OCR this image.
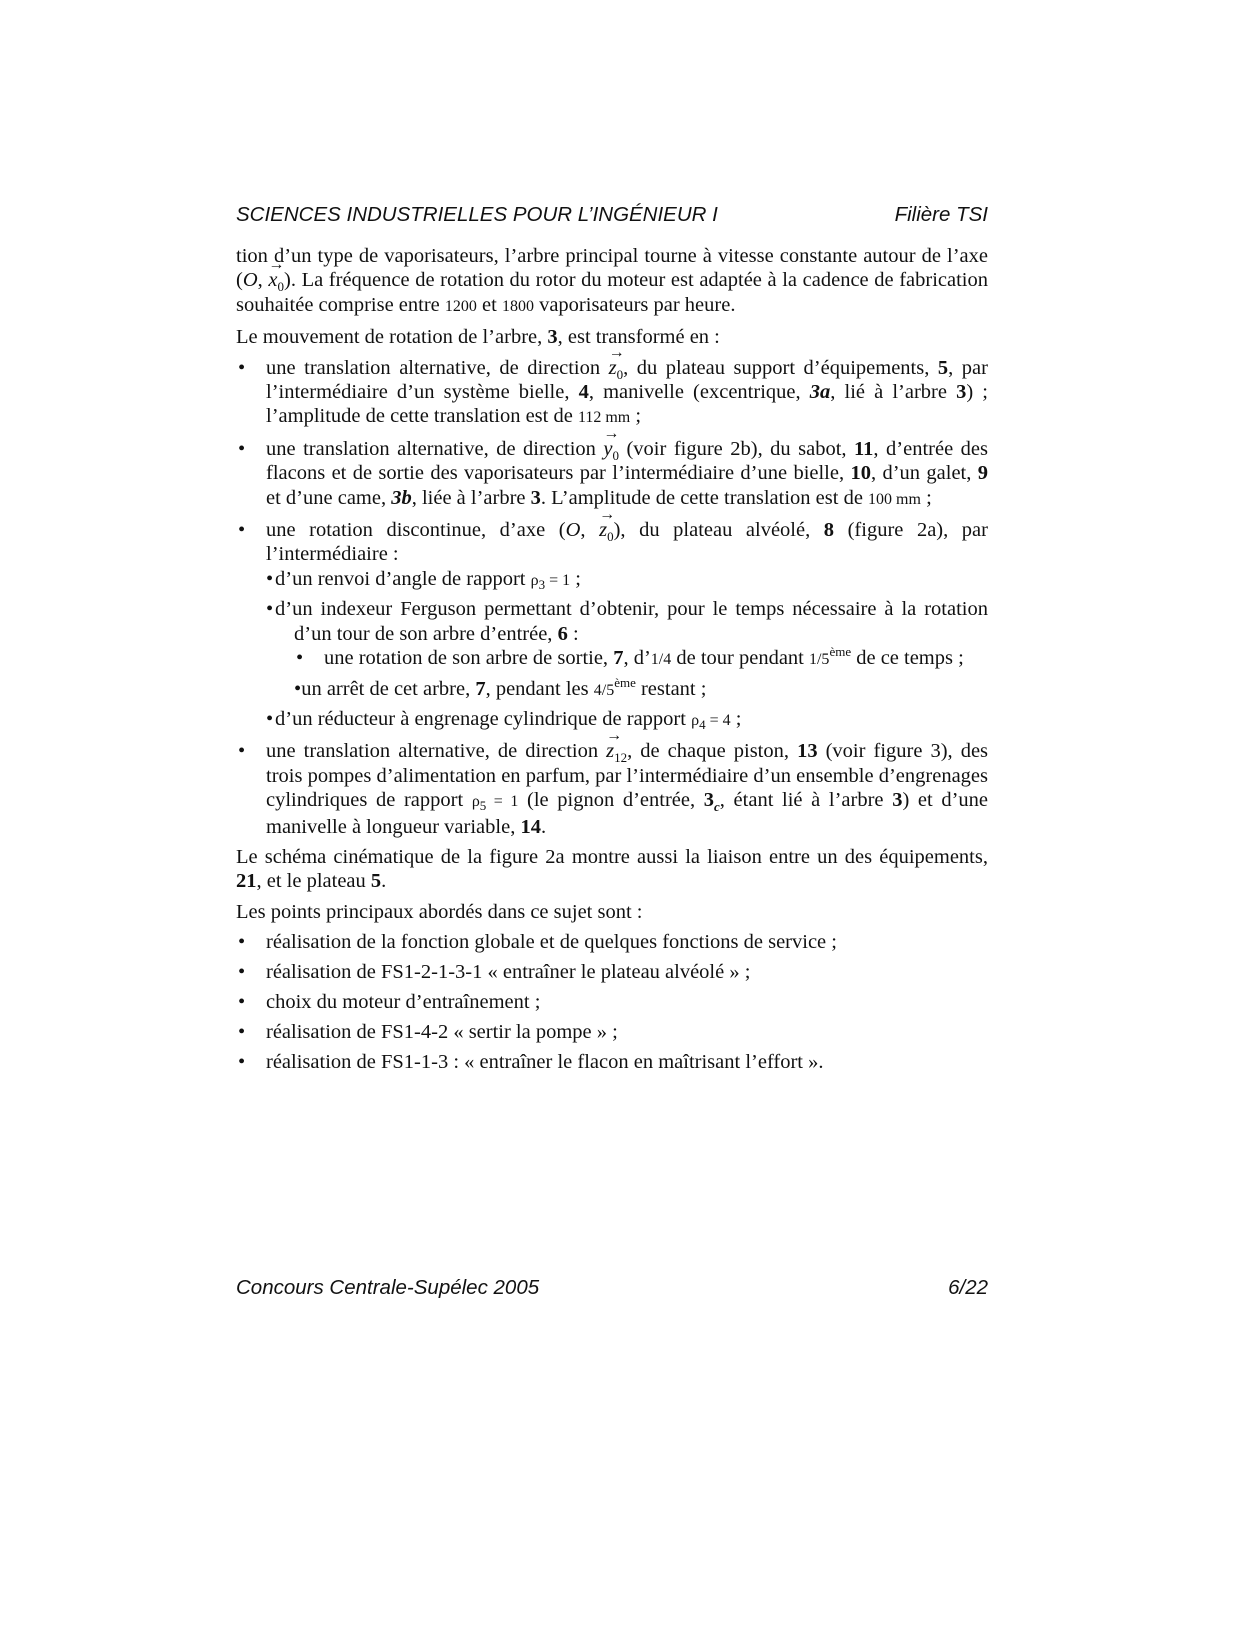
SCIENCES INDUSTRIELLES POUR L’INGÉNIEUR I	Filière TSI

tion d’un type de vaporisateurs, l’arbre principal tourne à vitesse constante autour de l’axe (O, → $x_0$). La fréquence de rotation du rotor du moteur est adaptée à la cadence de fabrication souhaitée comprise entre 1200 et 1800 vaporisateurs par heure.

Le mouvement de rotation de l’arbre, 3, est transformé en :

• une translation alternative, de direction → $z_0$, du plateau support d’équipements, 5, par l’intermédiaire d’un système bielle, 4, manivelle (excentrique, 3a, lié à l’arbre 3) ; l’amplitude de cette translation est de 112 mm ;
• une translation alternative, de direction → $y_0$ (voir figure 2b), du sabot, 11, d’entrée des flacons et de sortie des vaporisateurs par l’intermédiaire d’une bielle, 10, d’un galet, 9 et d’une came, 3b, liée à l’arbre 3. L’amplitude de cette translation est de 100 mm ;
• une rotation discontinue, d’axe (O, → $z_0$), du plateau alvéolé, 8 (figure 2a), par l’intermédiaire :
•d’un renvoi d’angle de rapport $\rho_3 = 1$ ;
•d’un indexeur Ferguson permettant d’obtenir, pour le temps nécessaire à la rotation d’un tour de son arbre d’entrée, 6 :
• une rotation de son arbre de sortie, 7, d’1/4 de tour pendant 1/5ème de ce temps ;
•un arrêt de cet arbre, 7, pendant les 4/5ème restant ;
•d’un réducteur à engrenage cylindrique de rapport $\rho_4 = 4$ ;
• une translation alternative, de direction → $z_{12}$, de chaque piston, 13 (voir figure 3), des trois pompes d’alimentation en parfum, par l’intermédiaire d’un ensemble d’engrenages cylindriques de rapport $\rho_5 = 1$ (le pignon d’entrée, $3_c$, étant lié à l’arbre 3) et d’une manivelle à longueur variable, 14.

Le schéma cinématique de la figure 2a montre aussi la liaison entre un des équipements, 21, et le plateau 5.

Les points principaux abordés dans ce sujet sont :

• réalisation de la fonction globale et de quelques fonctions de service ;
• réalisation de FS1-2-1-3-1 « entraîner le plateau alvéolé » ;
• choix du moteur d’entraînement ;
• réalisation de FS1-4-2 « sertir la pompe » ;
• réalisation de FS1-1-3 : « entraîner le flacon en maîtrisant l’effort ».
Concours Centrale-Supélec 2005	6/22
